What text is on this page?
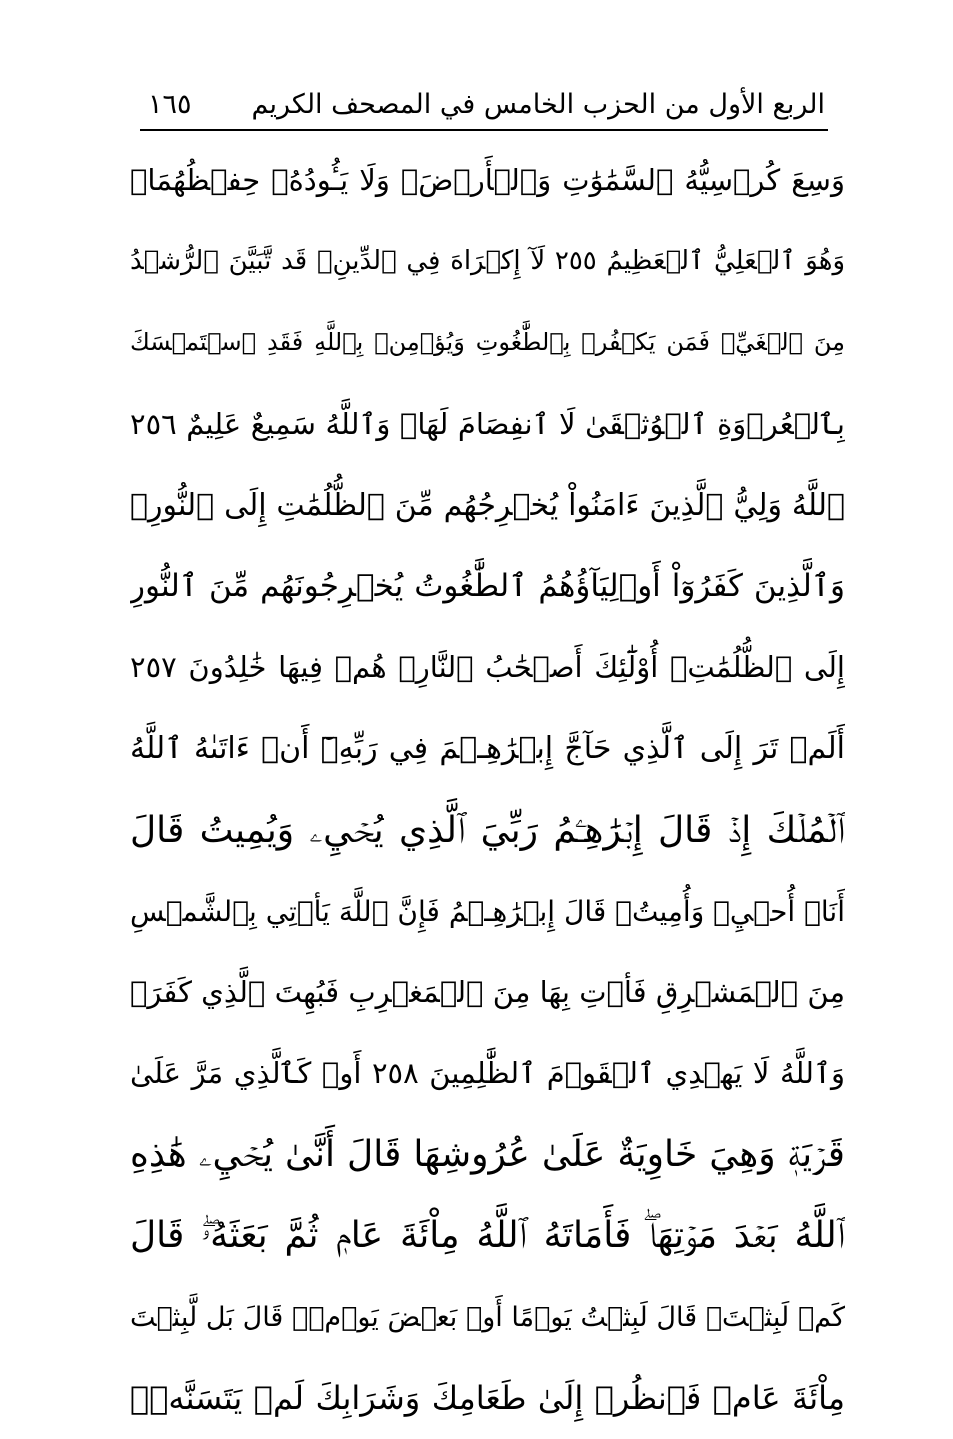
الربع الأول من الحزب الخامس في المصحف الكريم
١٦٥
وَسِعَ كُرۡسِيُّهُ ٱلسَّمَٰوَٰتِ وَٱلۡأَرۡضَۖ وَلَا يَـُٔودُهُۥ حِفۡظُهُمَاۚ
وَهُوَ ٱلۡعَلِيُّ ٱلۡعَظِيمُ ٢٥٥ لَآ إِكۡرَاهَ فِي ٱلدِّينِۖ قَد تَّبَيَّنَ ٱلرُّشۡدُ
مِنَ ٱلۡغَيِّۚ فَمَن يَكۡفُرۡ بِٱلطَّٰغُوتِ وَيُؤۡمِنۢ بِٱللَّهِ فَقَدِ ٱسۡتَمۡسَكَ
بِٱلۡعُرۡوَةِ ٱلۡوُثۡقَىٰ لَا ٱنفِصَامَ لَهَاۗ وَٱللَّهُ سَمِيعٌ عَلِيمٌ ٢٥٦
ٱللَّهُ وَلِيُّ ٱلَّذِينَ ءَامَنُواْ يُخۡرِجُهُم مِّنَ ٱلظُّلُمَٰتِ إِلَى ٱلنُّورِۖ
وَٱلَّذِينَ كَفَرُوٓاْ أَوۡلِيَآؤُهُمُ ٱلطَّٰغُوتُ يُخۡرِجُونَهُم مِّنَ ٱلنُّورِ
إِلَى ٱلظُّلُمَٰتِۗ أُوْلَٰٓئِكَ أَصۡحَٰبُ ٱلنَّارِۖ هُمۡ فِيهَا خَٰلِدُونَ ٢٥٧
أَلَمۡ تَرَ إِلَى ٱلَّذِي حَآجَّ إِبۡرَٰهِـۧمَ فِي رَبِّهِۦٓ أَنۡ ءَاتَىٰهُ ٱللَّهُ
ٱلۡمُلۡكَ إِذۡ قَالَ إِبۡرَٰهِـۧمُ رَبِّيَ ٱلَّذِي يُحۡيِۦ وَيُمِيتُ قَالَ
أَنَا۠ أُحۡيِۦ وَأُمِيتُۖ قَالَ إِبۡرَٰهِـۧمُ فَإِنَّ ٱللَّهَ يَأۡتِي بِٱلشَّمۡسِ
مِنَ ٱلۡمَشۡرِقِ فَأۡتِ بِهَا مِنَ ٱلۡمَغۡرِبِ فَبُهِتَ ٱلَّذِي كَفَرَۗ
وَٱللَّهُ لَا يَهۡدِي ٱلۡقَوۡمَ ٱلظَّٰلِمِينَ ٢٥٨ أَوۡ كَٱلَّذِي مَرَّ عَلَىٰ
قَرۡيَةٖ وَهِيَ خَاوِيَةٌ عَلَىٰ عُرُوشِهَا قَالَ أَنَّىٰ يُحۡيِۦ هَٰذِهِ
ٱللَّهُ بَعۡدَ مَوۡتِهَاۖ فَأَمَاتَهُ ٱللَّهُ مِاْئَةَ عَامٖ ثُمَّ بَعَثَهُۥۖ قَالَ
كَمۡ لَبِثۡتَۖ قَالَ لَبِثۡتُ يَوۡمًا أَوۡ بَعۡضَ يَوۡمٖۖ قَالَ بَل لَّبِثۡتَ
مِاْئَةَ عَامٖ فَٱنظُرۡ إِلَىٰ طَعَامِكَ وَشَرَابِكَ لَمۡ يَتَسَنَّهۡۖ
